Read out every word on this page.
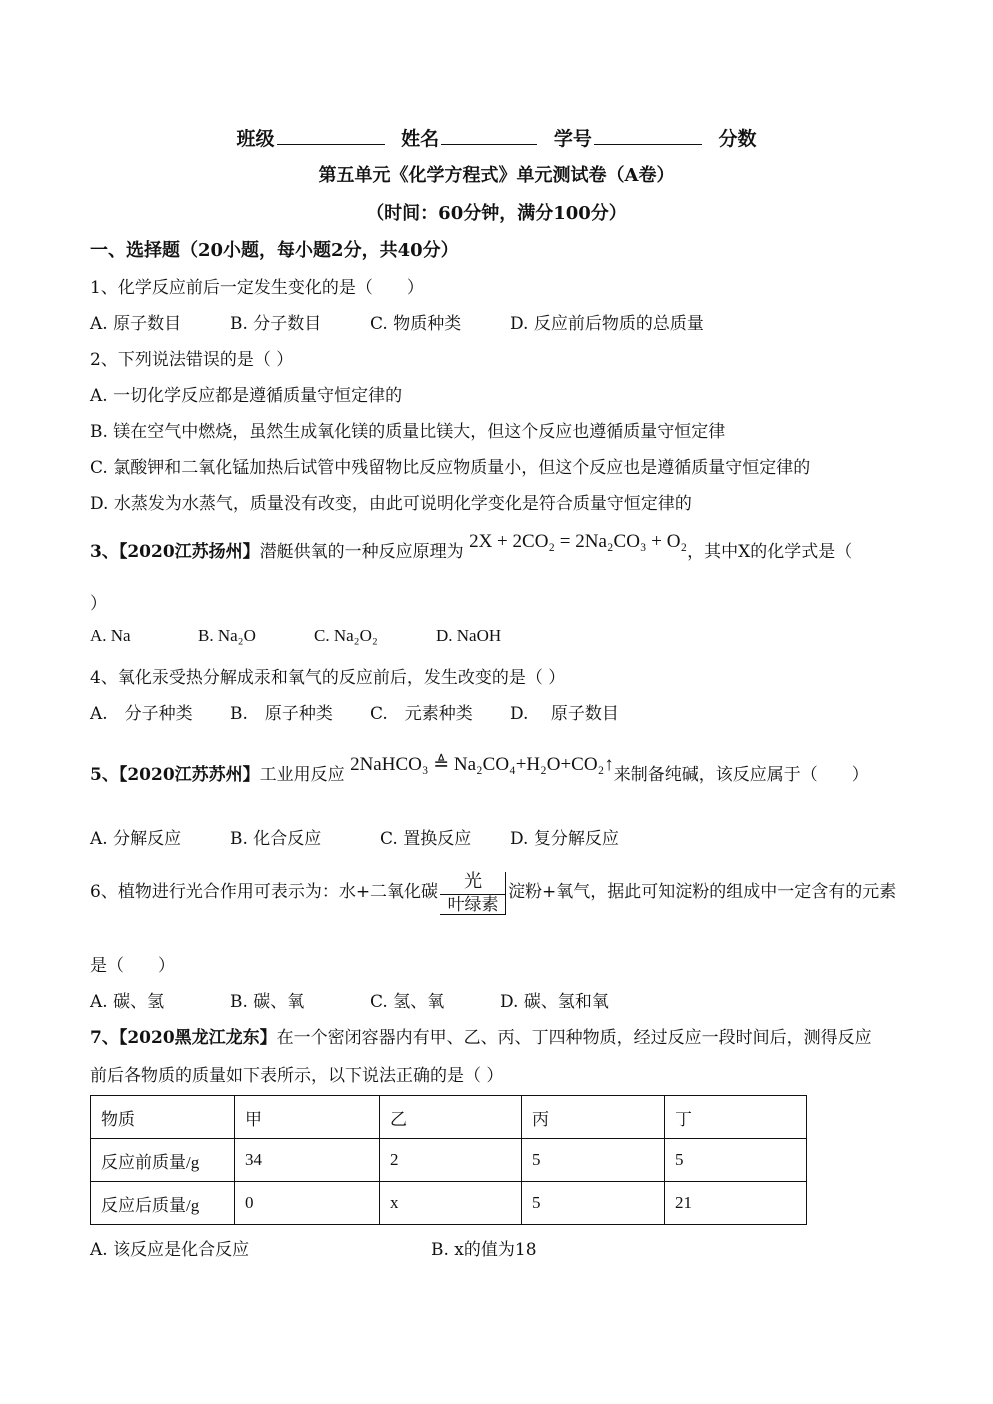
班级	姓名	学号	分数
第五单元《化学方程式》单元测试卷（A卷）
（时间：60分钟，满分100分）
一、选择题（20小题，每小题2分，共40分）
1、化学反应前后一定发生变化的是（　　）
A. 原子数目	B. 分子数目	C. 物质种类	D. 反应前后物质的总质量
2、下列说法错误的是（ ）
A. 一切化学反应都是遵循质量守恒定律的
B. 镁在空气中燃烧，虽然生成氧化镁的质量比镁大，但这个反应也遵循质量守恒定律
C. 氯酸钾和二氧化锰加热后试管中残留物比反应物质量小，但这个反应也是遵循质量守恒定律的
D. 水蒸发为水蒸气，质量没有改变，由此可说明化学变化是符合质量守恒定律的
3、【2020江苏扬州】潜艇供氧的一种反应原理为 2X + 2CO₂ = 2Na₂CO₃ + O₂，其中X的化学式是（
）
A. Na	B. Na₂O	C. Na₂O₂	D. NaOH
4、氧化汞受热分解成汞和氧气的反应前后，发生改变的是（ ）
A.　分子种类 B.　原子种类 C.　元素种类 D.　 原子数目
5、【2020江苏苏州】工业用反应 2NaHCO₃ ≜ Na₂CO₄+H₂O+CO₂↑来制备纯碱，该反应属于（　　）
A. 分解反应	B. 化合反应	C. 置换反应 D. 复分解反应
6、植物进行光合作用可表示为：水+二氧化碳
光
叶绿素
淀粉+氧气，据此可知淀粉的组成中一定含有的元素
是（　　）
A. 碳、氢	B. 碳、氧	C. 氢、氧	D. 碳、氢和氧
7、【2020黑龙江龙东】在一个密闭容器内有甲、乙、丙、丁四种物质，经过反应一段时间后，测得反应
前后各物质的质量如下表所示，以下说法正确的是（ ）
物质	甲	乙	丙	丁
反应前质量/g	34	2	5	5
反应后质量/g	0	x	5	21
A. 该反应是化合反应	B. x的值为18
